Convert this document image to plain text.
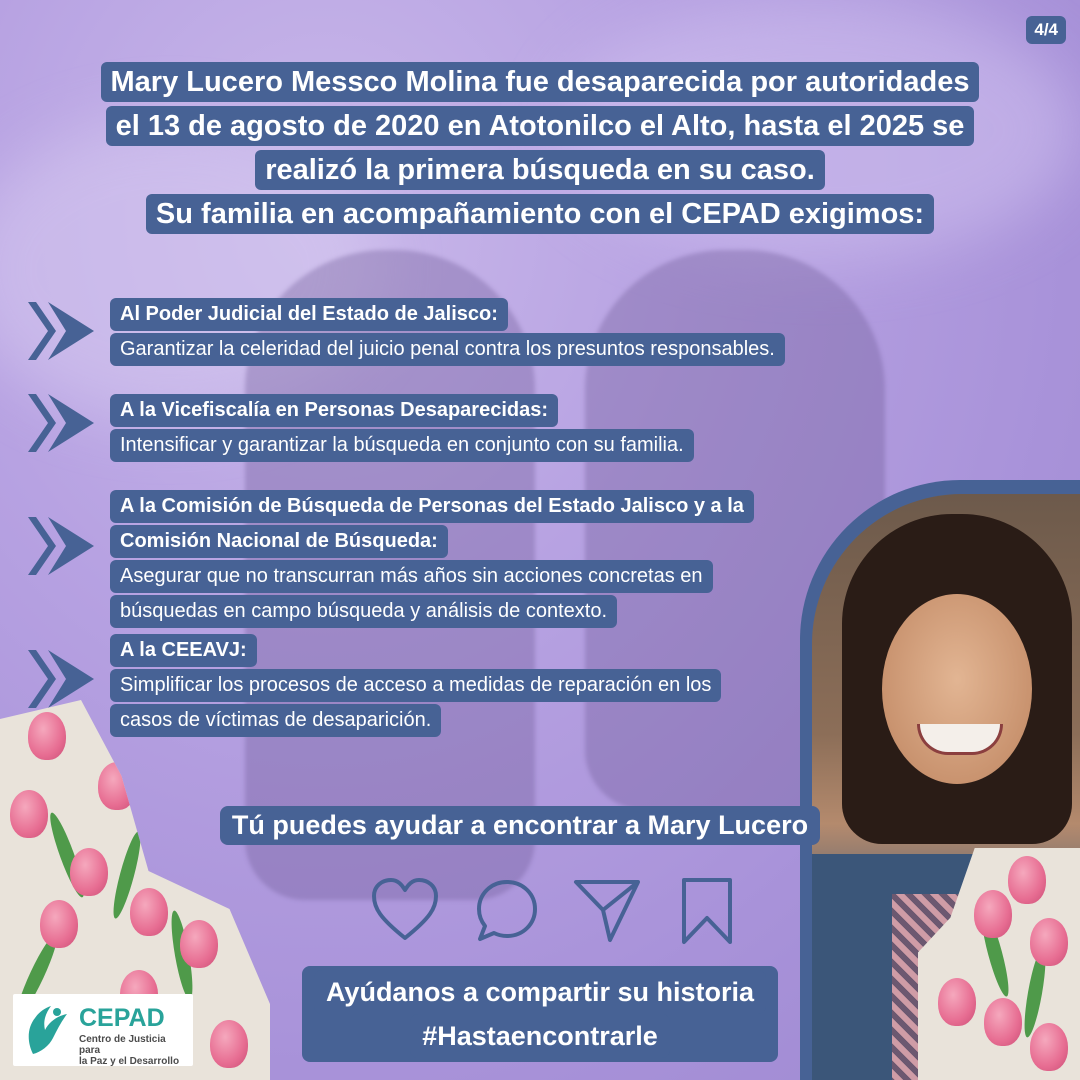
4/4
Mary Lucero Messco Molina fue desaparecida por autoridades
el 13 de agosto de 2020 en Atotonilco el Alto, hasta el 2025 se
realizó la primera búsqueda en su caso.
Su familia en acompañamiento con el CEPAD exigimos:
Al Poder Judicial del Estado de Jalisco:
Garantizar la celeridad del juicio penal contra los presuntos responsables.
A la Vicefiscalía en Personas Desaparecidas:
Intensificar y garantizar la búsqueda en conjunto con su familia.
A la Comisión de Búsqueda de Personas del Estado Jalisco y a la
Comisión Nacional de Búsqueda:
Asegurar que no transcurran más años sin acciones concretas en
búsquedas en campo búsqueda y análisis de contexto.
A la CEEAVJ:
Simplificar los procesos de acceso a medidas de reparación en los
casos de víctimas de desaparición.
Tú puedes ayudar a encontrar a Mary Lucero
Ayúdanos a compartir su historia
#Hastaencontrarle
CEPAD
Centro de Justicia para
la Paz y el Desarrollo
